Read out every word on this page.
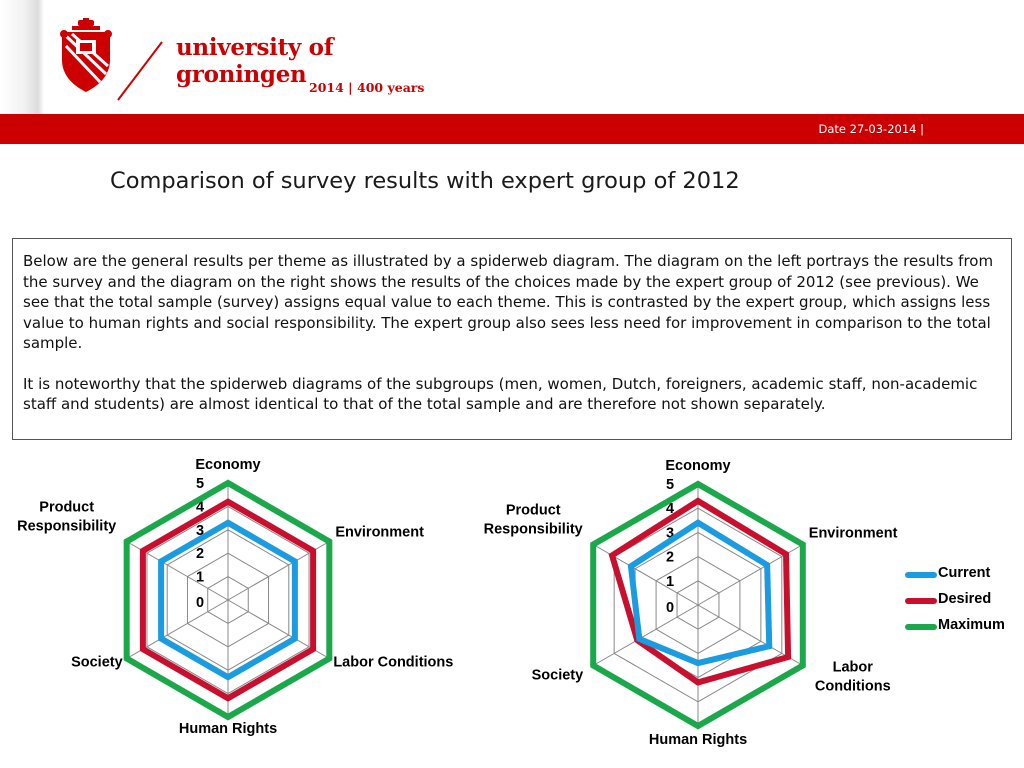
university of
groningen 2014 | 400 years
Date 27-03-2014 |
Comparison of survey results with expert group of 2012

Below are the general results per theme as illustrated by a spiderweb diagram. The diagram on the left portrays the results from the survey and the diagram on the right shows the results of the choices made by the expert group of 2012 (see previous). We see that the total sample (survey) assigns equal value to each theme. This is contrasted by the expert group, which assigns less value to human rights and social responsibility. The expert group also sees less need for improvement in comparison to the total sample.

It is noteworthy that the spiderweb diagrams of the subgroups (men, women, Dutch, foreigners, academic staff, non-academic staff and students) are almost identical to that of the total sample and are therefore not shown separately.

0
1
2
3
4
5
Economy
Environment
Labor Conditions
Human Rights
Society
Product Responsibility
0
1
2
3
4
5
Economy
Environment
Labor Conditions
Human Rights
Society
Product Responsibility
Current
Desired
Maximum
